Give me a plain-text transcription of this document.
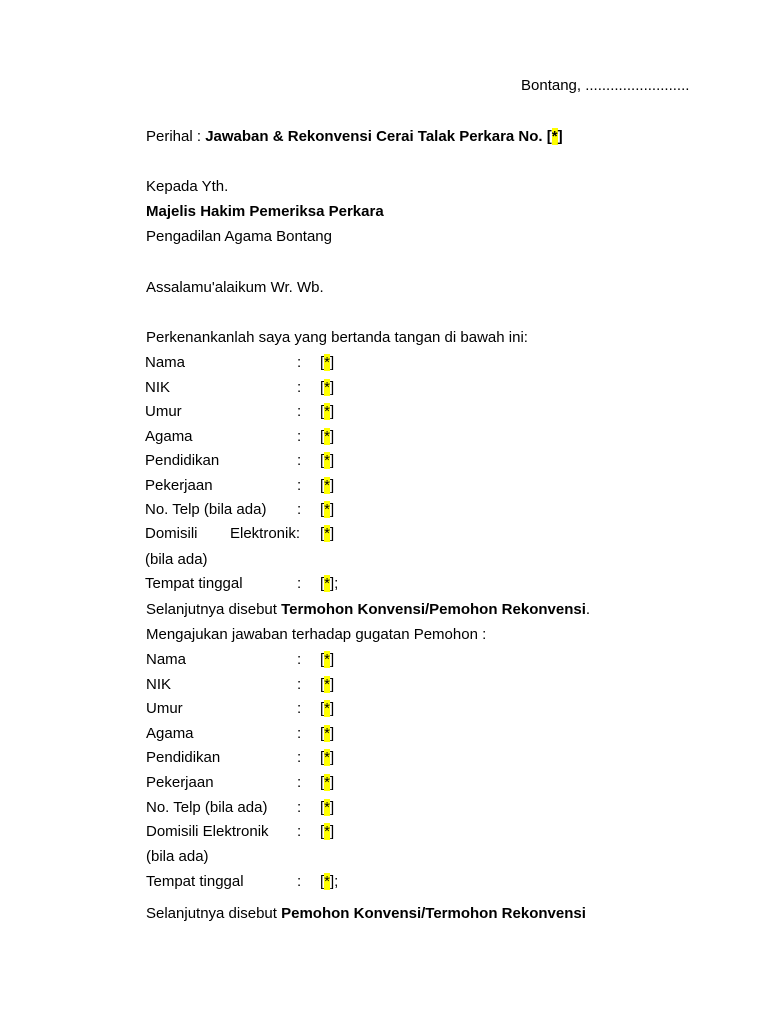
Bontang, .........................
Perihal : Jawaban & Rekonvensi Cerai Talak Perkara No. [*]
Kepada Yth.
Majelis Hakim Pemeriksa Perkara
Pengadilan Agama Bontang
Assalamu'alaikum Wr. Wb.
Perkenankanlah saya yang bertanda tangan di bawah ini:
Nama	: [*]
NIK	: [*]
Umur	: [*]
Agama	: [*]
Pendidikan	: [*]
Pekerjaan	: [*]
No. Telp (bila ada) : [*]
Domisili Elektronik: [*]
(bila ada)
Tempat tinggal	: [*];
Selanjutnya disebut Termohon Konvensi/Pemohon Rekonvensi.
Mengajukan jawaban terhadap gugatan Pemohon :
Nama	: [*]
NIK	: [*]
Umur	: [*]
Agama	: [*]
Pendidikan	: [*]
Pekerjaan	: [*]
No. Telp (bila ada) : [*]
Domisili Elektronik : [*]
(bila ada)
Tempat tinggal	: [*];
Selanjutnya disebut Pemohon Konvensi/Termohon Rekonvensi
